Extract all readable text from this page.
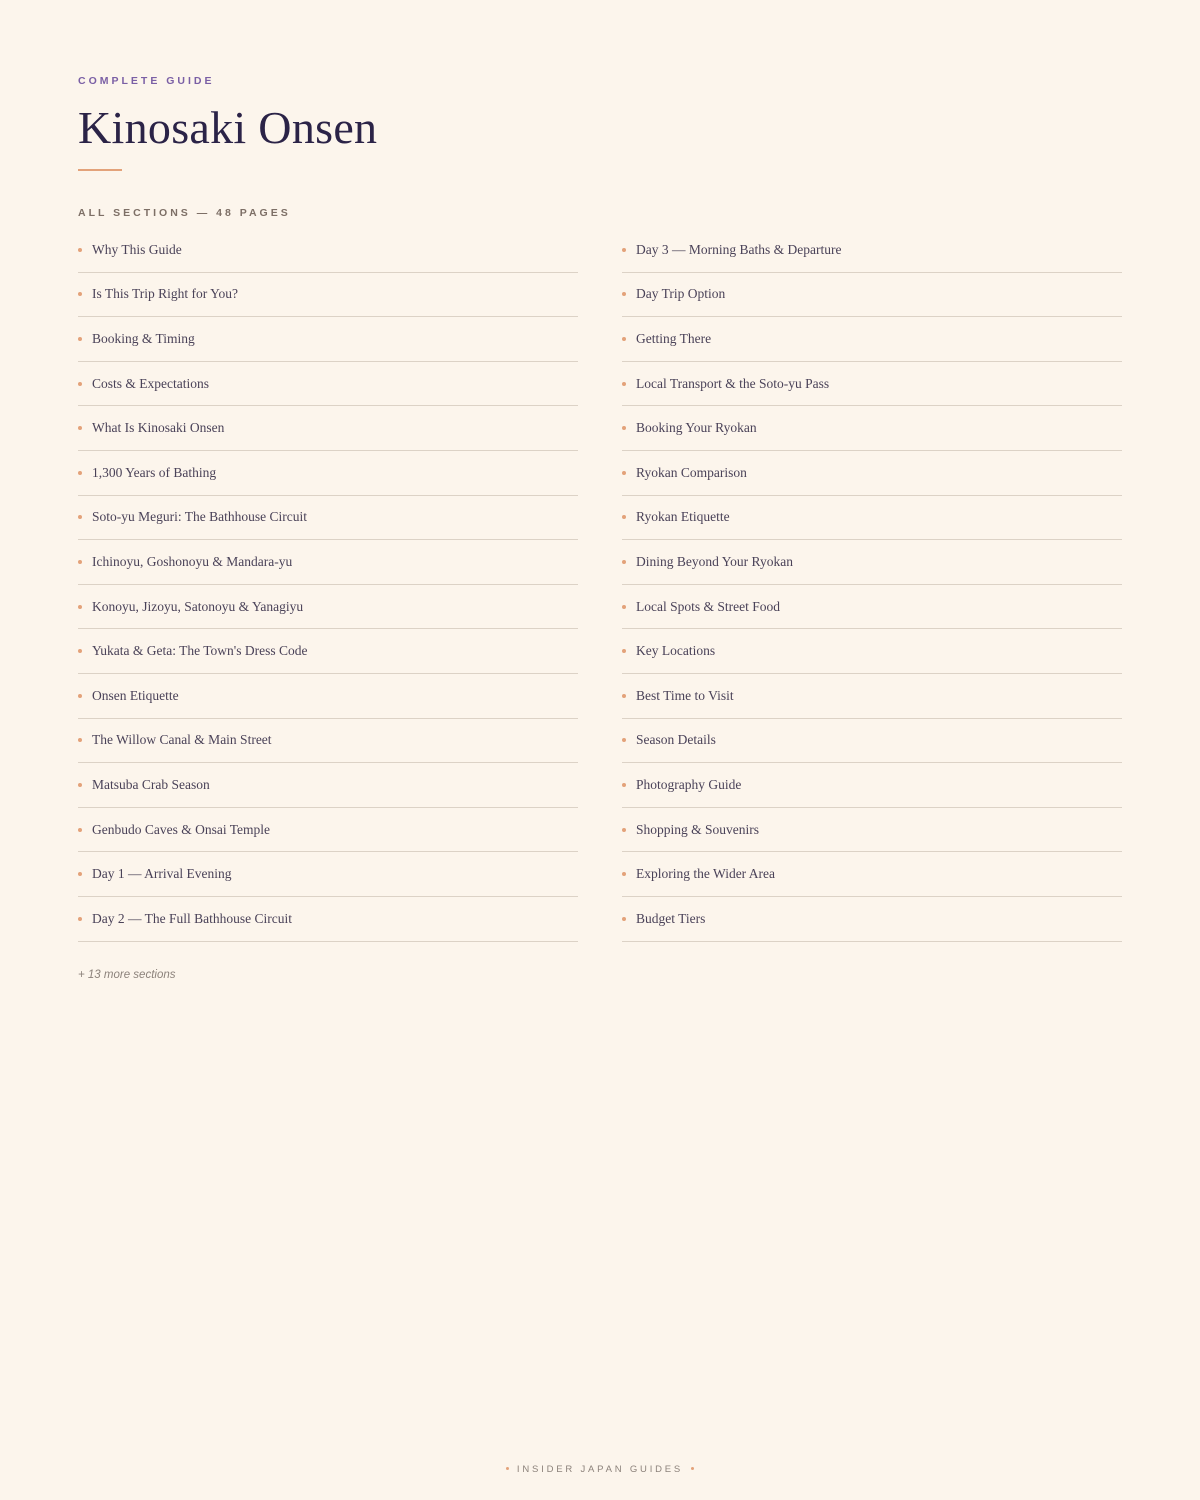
COMPLETE GUIDE
Kinosaki Onsen
ALL SECTIONS — 48 PAGES
Why This Guide
Is This Trip Right for You?
Booking & Timing
Costs & Expectations
What Is Kinosaki Onsen
1,300 Years of Bathing
Soto-yu Meguri: The Bathhouse Circuit
Ichinoyu, Goshonoyu & Mandara-yu
Konoyu, Jizoyu, Satonoyu & Yanagiyu
Yukata & Geta: The Town's Dress Code
Onsen Etiquette
The Willow Canal & Main Street
Matsuba Crab Season
Genbudo Caves & Onsai Temple
Day 1 — Arrival Evening
Day 2 — The Full Bathhouse Circuit
Day 3 — Morning Baths & Departure
Day Trip Option
Getting There
Local Transport & the Soto-yu Pass
Booking Your Ryokan
Ryokan Comparison
Ryokan Etiquette
Dining Beyond Your Ryokan
Local Spots & Street Food
Key Locations
Best Time to Visit
Season Details
Photography Guide
Shopping & Souvenirs
Exploring the Wider Area
Budget Tiers
+ 13 more sections
INSIDER JAPAN GUIDES
